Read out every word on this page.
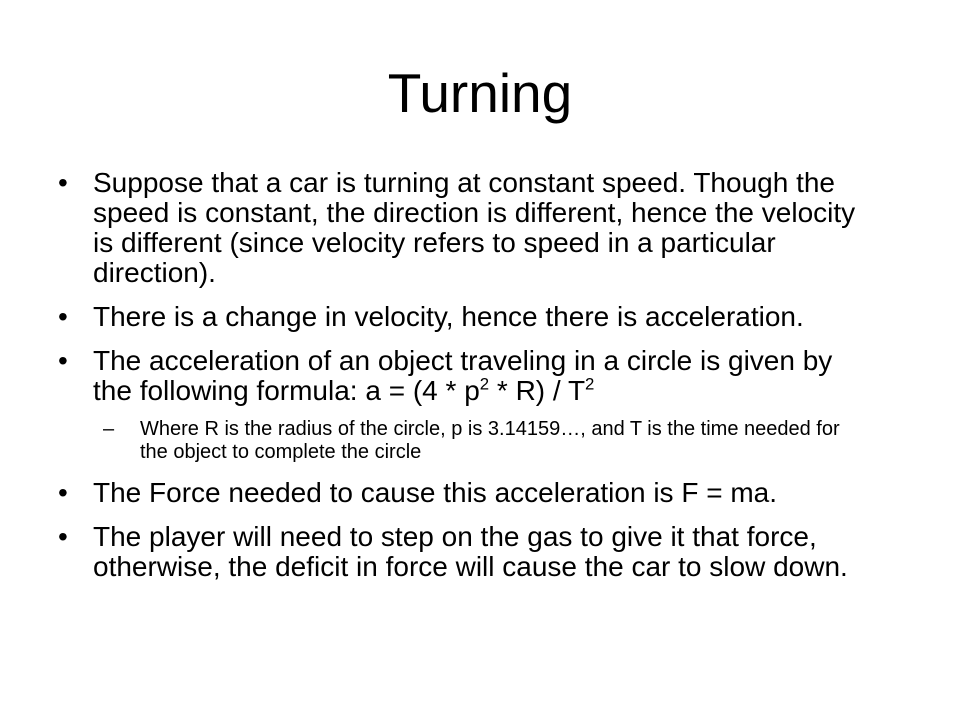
Turning
• Suppose that a car is turning at constant speed. Though the speed is constant, the direction is different, hence the velocity is different (since velocity refers to speed in a particular direction).
• There is a change in velocity, hence there is acceleration.
• The acceleration of an object traveling in a circle is given by the following formula: $a = (4 * p^2 * R) / T^2$
– Where R is the radius of the circle, p is 3.14159…, and T is the time needed for the object to complete the circle
• The Force needed to cause this acceleration is F = ma.
• The player will need to step on the gas to give it that force, otherwise, the deficit in force will cause the car to slow down.
